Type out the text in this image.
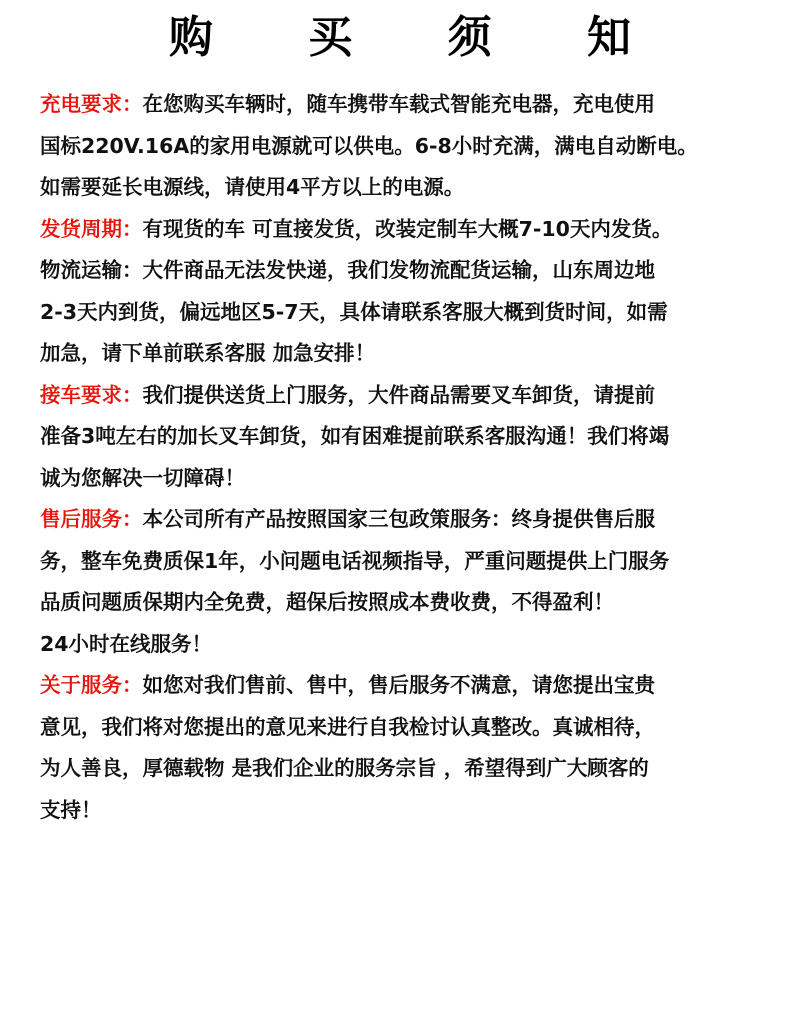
购 买 须 知
充电要求：在您购买车辆时，随车携带车载式智能充电器，充电使用
国标220V.16A的家用电源就可以供电。6-8小时充满，满电自动断电。
如需要延长电源线，请使用4平方以上的电源。
发货周期：有现货的车 可直接发货，改装定制车大概7-10天内发货。
物流运输：大件商品无法发快递，我们发物流配货运输，山东周边地
2-3天内到货，偏远地区5-7天，具体请联系客服大概到货时间，如需
加急，请下单前联系客服 加急安排！
接车要求：我们提供送货上门服务，大件商品需要叉车卸货，请提前
准备3吨左右的加长叉车卸货，如有困难提前联系客服沟通！我们将竭
诚为您解决一切障碍！
售后服务：本公司所有产品按照国家三包政策服务：终身提供售后服
务，整车免费质保1年，小问题电话视频指导，严重问题提供上门服务
品质问题质保期内全免费，超保后按照成本费收费，不得盈利！
24小时在线服务！
关于服务：如您对我们售前、售中，售后服务不满意，请您提出宝贵
意见，我们将对您提出的意见来进行自我检讨认真整改。真诚相待，
为人善良，厚德载物 是我们企业的服务宗旨 ，希望得到广大顾客的
支持！
